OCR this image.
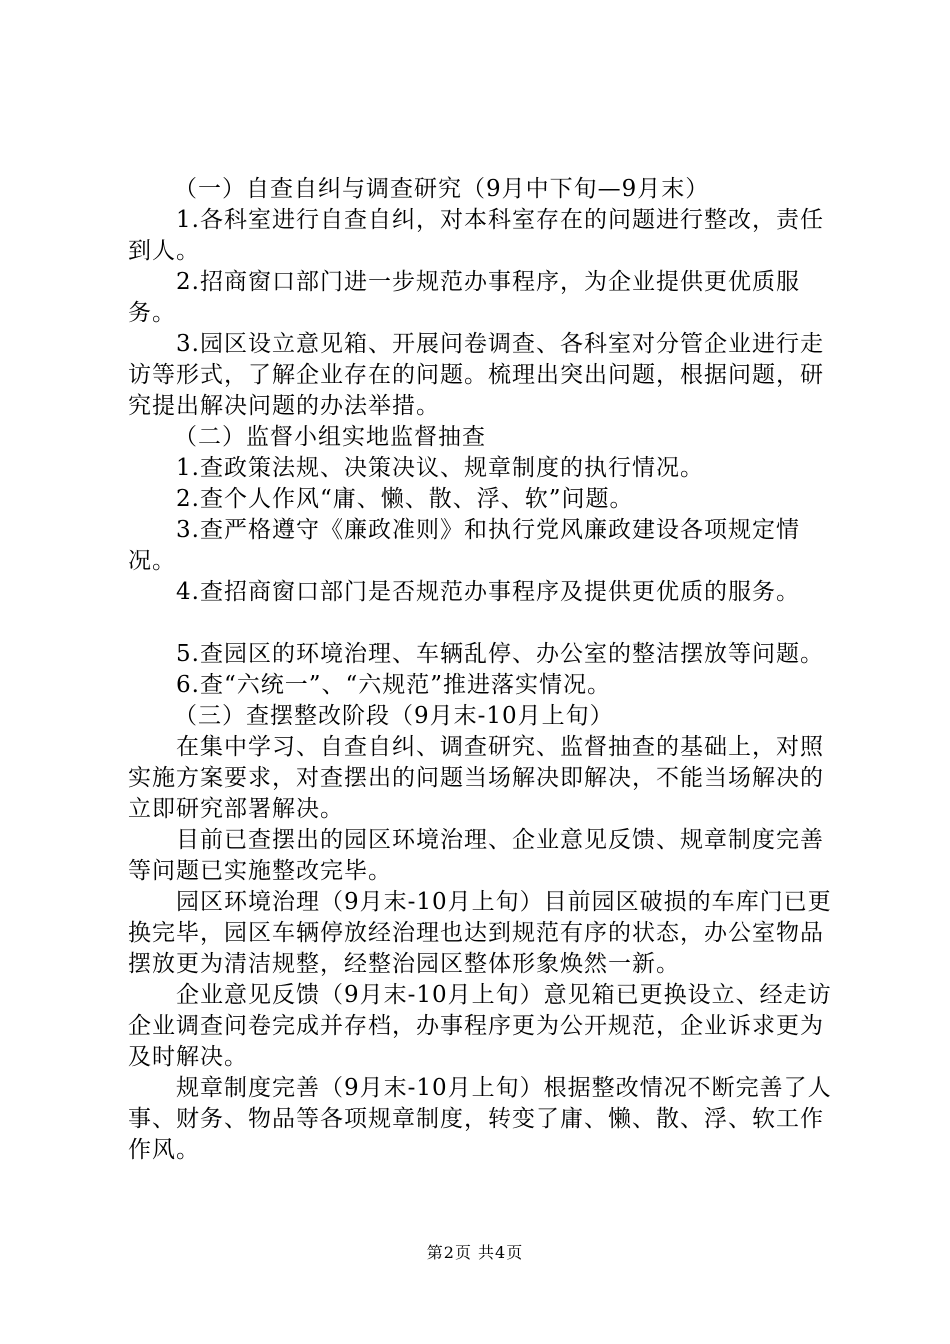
（一）自查自纠与调查研究（9月中下旬—9月末）

1.各科室进行自查自纠，对本科室存在的问题进行整改，责任到人。

2.招商窗口部门进一步规范办事程序，为企业提供更优质服务。

3.园区设立意见箱、开展问卷调查、各科室对分管企业进行走访等形式，了解企业存在的问题。梳理出突出问题，根据问题，研究提出解决问题的办法举措。

（二）监督小组实地监督抽查

1.查政策法规、决策决议、规章制度的执行情况。

2.查个人作风“庸、懒、散、浮、软”问题。

3.查严格遵守《廉政准则》和执行党风廉政建设各项规定情况。

4.查招商窗口部门是否规范办事程序及提供更优质的服务。

5.查园区的环境治理、车辆乱停、办公室的整洁摆放等问题。

6.查“六统一”、“六规范”推进落实情况。

（三）查摆整改阶段（9月末-10月上旬）

在集中学习、自查自纠、调查研究、监督抽查的基础上，对照实施方案要求，对查摆出的问题当场解决即解决，不能当场解决的立即研究部署解决。

目前已查摆出的园区环境治理、企业意见反馈、规章制度完善等问题已实施整改完毕。

园区环境治理（9月末-10月上旬）目前园区破损的车库门已更换完毕，园区车辆停放经治理也达到规范有序的状态，办公室物品摆放更为清洁规整，经整治园区整体形象焕然一新。

企业意见反馈（9月末-10月上旬）意见箱已更换设立、经走访企业调查问卷完成并存档，办事程序更为公开规范，企业诉求更为及时解决。

规章制度完善（9月末-10月上旬）根据整改情况不断完善了人事、财务、物品等各项规章制度，转变了庸、懒、散、浮、软工作作风。

第2页 共4页
